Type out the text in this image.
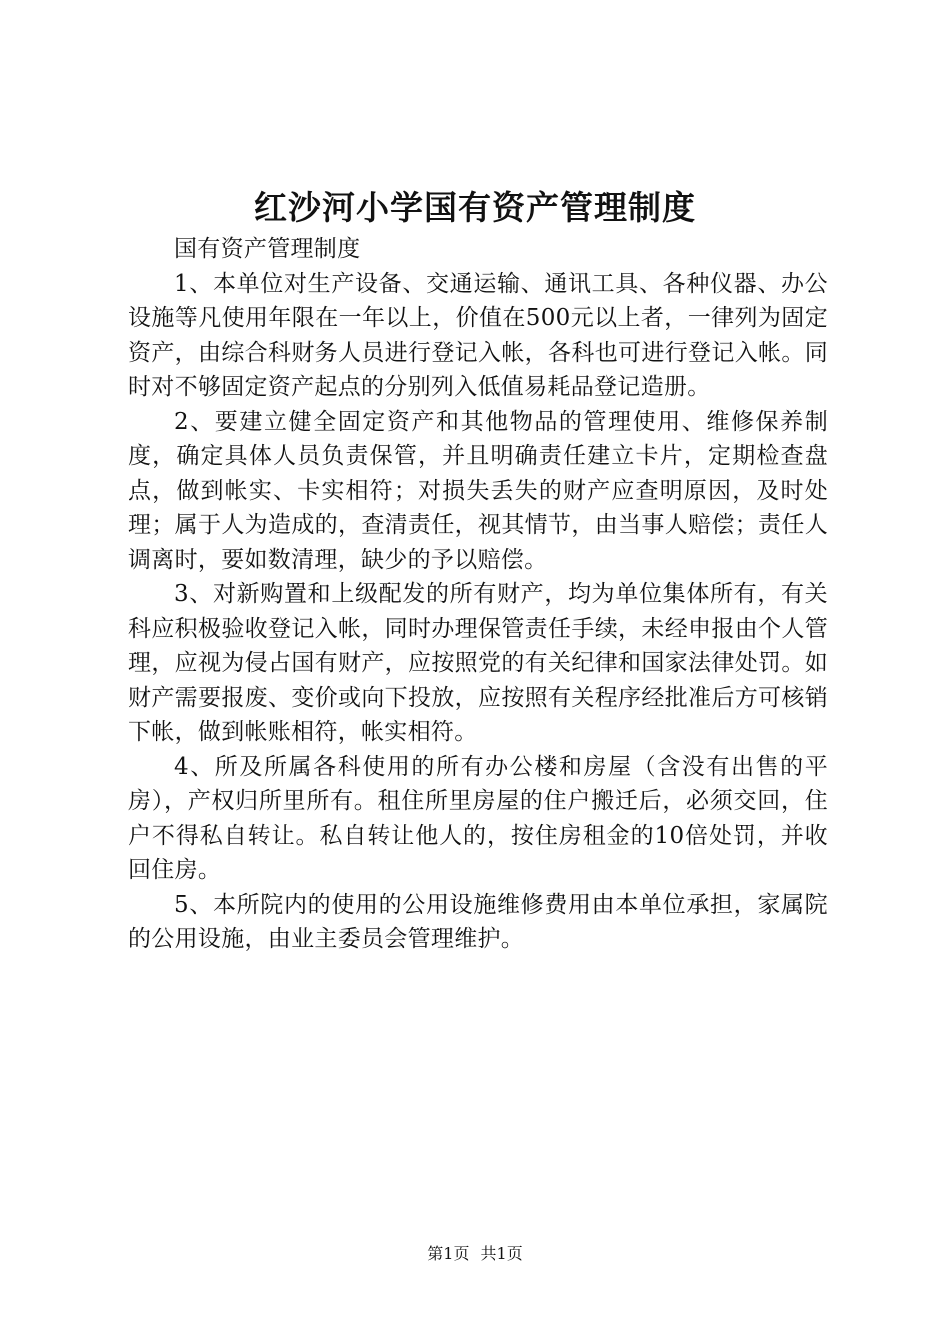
红沙河小学国有资产管理制度

国有资产管理制度

1、本单位对生产设备、交通运输、通讯工具、各种仪器、办公设施等凡使用年限在一年以上，价值在500元以上者，一律列为固定资产，由综合科财务人员进行登记入帐，各科也可进行登记入帐。同时对不够固定资产起点的分别列入低值易耗品登记造册。

2、要建立健全固定资产和其他物品的管理使用、维修保养制度，确定具体人员负责保管，并且明确责任建立卡片，定期检查盘点，做到帐实、卡实相符；对损失丢失的财产应查明原因，及时处理；属于人为造成的，查清责任，视其情节，由当事人赔偿；责任人调离时，要如数清理，缺少的予以赔偿。

3、对新购置和上级配发的所有财产，均为单位集体所有，有关科应积极验收登记入帐，同时办理保管责任手续，未经申报由个人管理，应视为侵占国有财产，应按照党的有关纪律和国家法律处罚。如财产需要报废、变价或向下投放，应按照有关程序经批准后方可核销下帐，做到帐账相符，帐实相符。

4、所及所属各科使用的所有办公楼和房屋（含没有出售的平房），产权归所里所有。租住所里房屋的住户搬迁后，必须交回，住户不得私自转让。私自转让他人的，按住房租金的10倍处罚，并收回住房。

5、本所院内的使用的公用设施维修费用由本单位承担，家属院的公用设施，由业主委员会管理维护。

第1页 共1页
